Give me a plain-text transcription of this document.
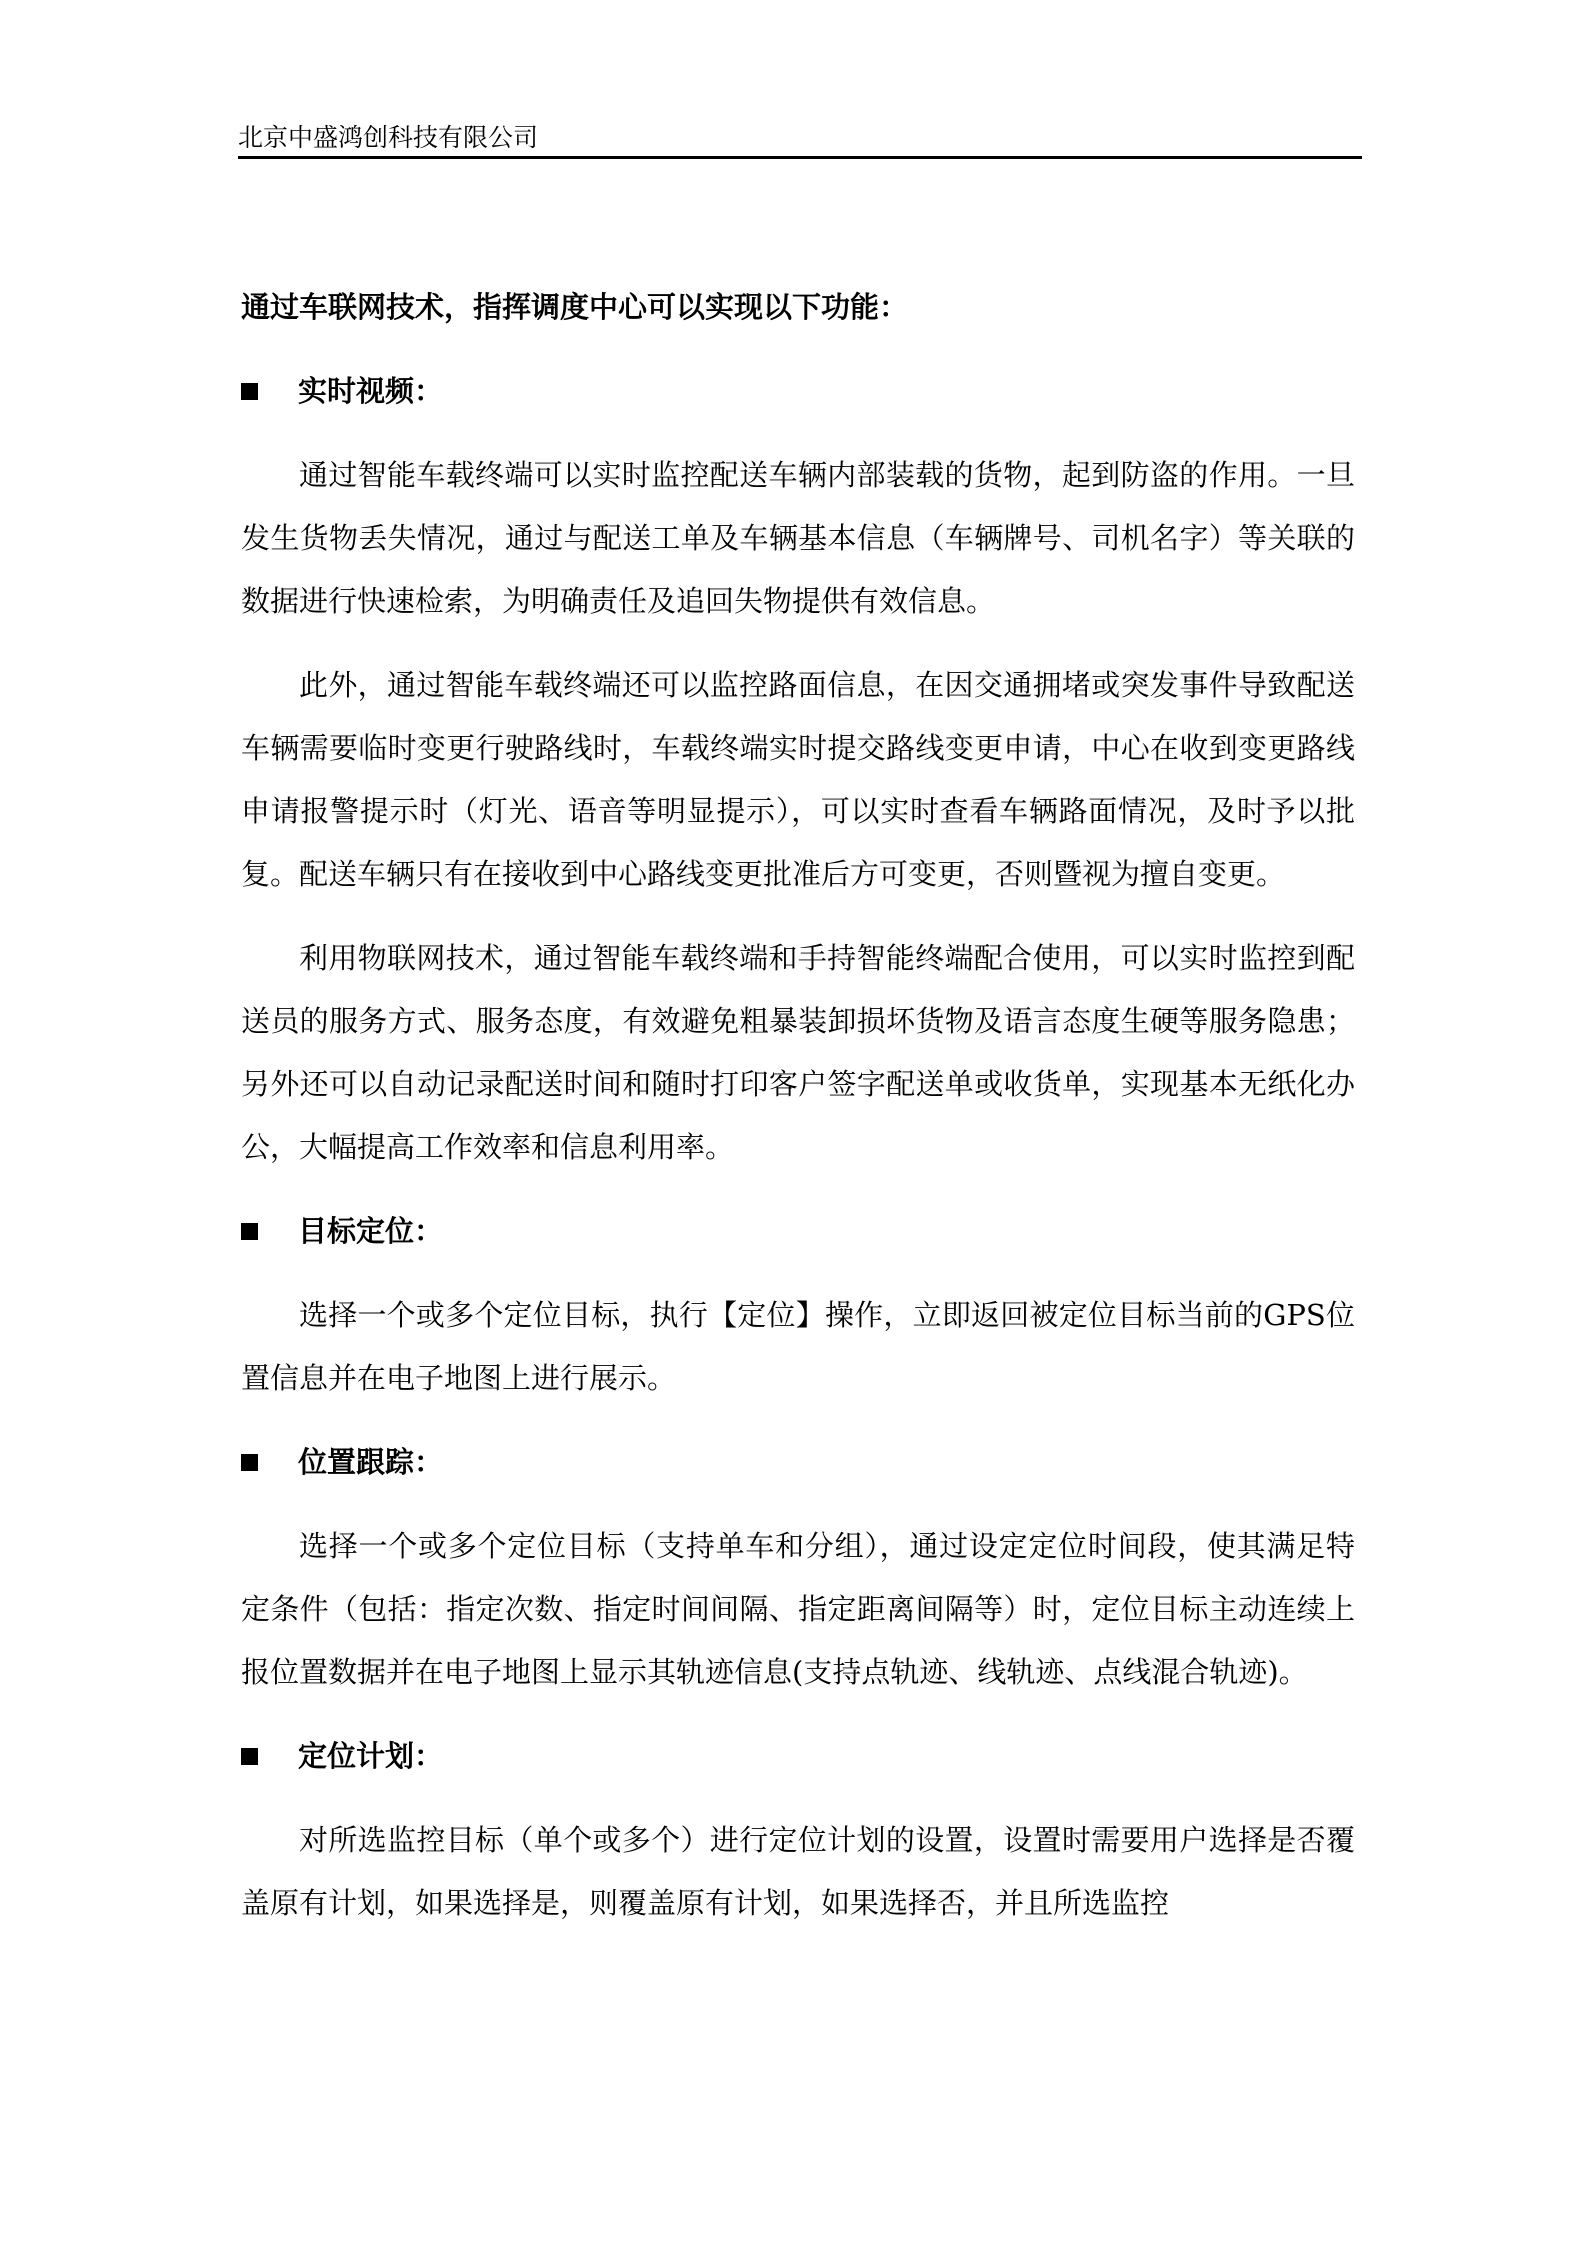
北京中盛鸿创科技有限公司
通过车联网技术，指挥调度中心可以实现以下功能：
实时视频：

通过智能车载终端可以实时监控配送车辆内部装载的货物，起到防盗的作用。一旦发生货物丢失情况，通过与配送工单及车辆基本信息（车辆牌号、司机名字）等关联的数据进行快速检索，为明确责任及追回失物提供有效信息。

此外，通过智能车载终端还可以监控路面信息，在因交通拥堵或突发事件导致配送车辆需要临时变更行驶路线时，车载终端实时提交路线变更申请，中心在收到变更路线申请报警提示时（灯光、语音等明显提示），可以实时查看车辆路面情况，及时予以批复。配送车辆只有在接收到中心路线变更批准后方可变更，否则暨视为擅自变更。

利用物联网技术，通过智能车载终端和手持智能终端配合使用，可以实时监控到配送员的服务方式、服务态度，有效避免粗暴装卸损坏货物及语言态度生硬等服务隐患；另外还可以自动记录配送时间和随时打印客户签字配送单或收货单，实现基本无纸化办公，大幅提高工作效率和信息利用率。

目标定位：

选择一个或多个定位目标，执行【定位】操作，立即返回被定位目标当前的GPS位置信息并在电子地图上进行展示。

位置跟踪：

选择一个或多个定位目标（支持单车和分组），通过设定定位时间段，使其满足特定条件（包括：指定次数、指定时间间隔、指定距离间隔等）时，定位目标主动连续上报位置数据并在电子地图上显示其轨迹信息(支持点轨迹、线轨迹、点线混合轨迹)。

定位计划：

对所选监控目标（单个或多个）进行定位计划的设置，设置时需要用户选择是否覆盖原有计划，如果选择是，则覆盖原有计划，如果选择否，并且所选监控
